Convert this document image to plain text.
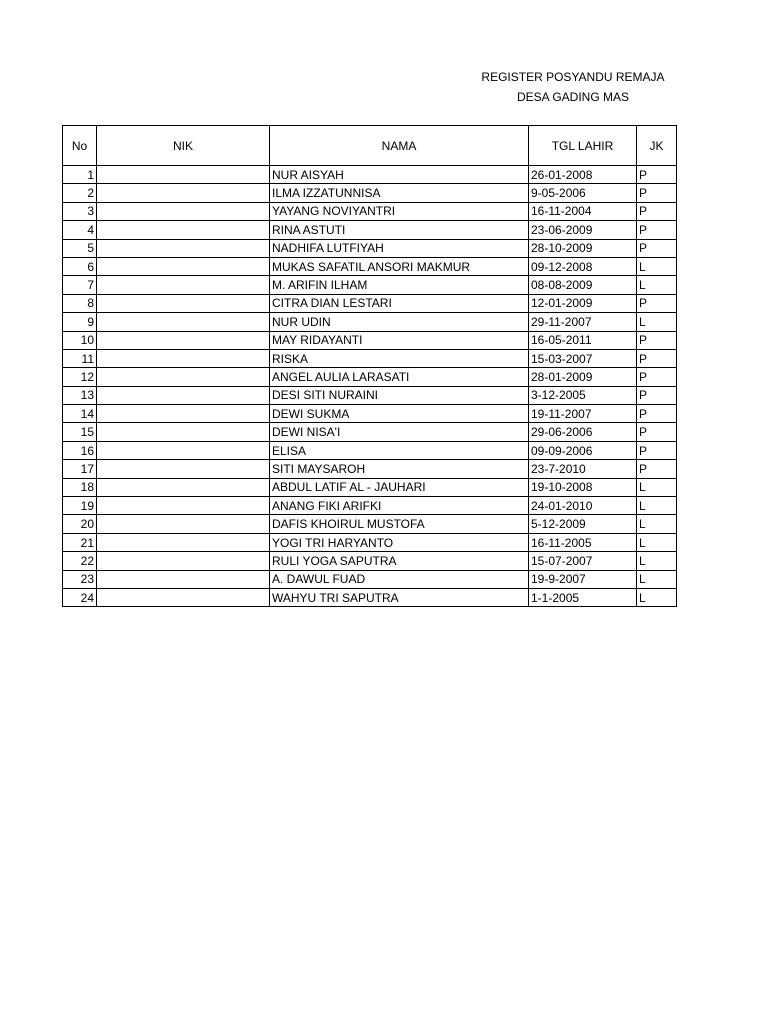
REGISTER POSYANDU REMAJA
DESA GADING MAS
No	NIK	NAMA	TGL LAHIR	JK
1		NUR AISYAH	26-01-2008	P
2		ILMA IZZATUNNISA	9-05-2006	P
3		YAYANG NOVIYANTRI	16-11-2004	P
4		RINA ASTUTI	23-06-2009	P
5		NADHIFA LUTFIYAH	28-10-2009	P
6		MUKAS SAFATIL ANSORI MAKMUR	09-12-2008	L
7		M. ARIFIN ILHAM	08-08-2009	L
8		CITRA DIAN LESTARI	12-01-2009	P
9		NUR UDIN	29-11-2007	L
10		MAY RIDAYANTI	16-05-2011	P
11		RISKA	15-03-2007	P
12		ANGEL AULIA LARASATI	28-01-2009	P
13		DESI SITI NURAINI	3-12-2005	P
14		DEWI SUKMA	19-11-2007	P
15		DEWI NISA'I	29-06-2006	P
16		ELISA	09-09-2006	P
17		SITI MAYSAROH	23-7-2010	P
18		ABDUL LATIF AL - JAUHARI	19-10-2008	L
19		ANANG FIKI ARIFKI	24-01-2010	L
20		DAFIS KHOIRUL MUSTOFA	5-12-2009	L
21		YOGI TRI HARYANTO	16-11-2005	L
22		RULI YOGA SAPUTRA	15-07-2007	L
23		A. DAWUL FUAD	19-9-2007	L
24		WAHYU TRI SAPUTRA	1-1-2005	L
